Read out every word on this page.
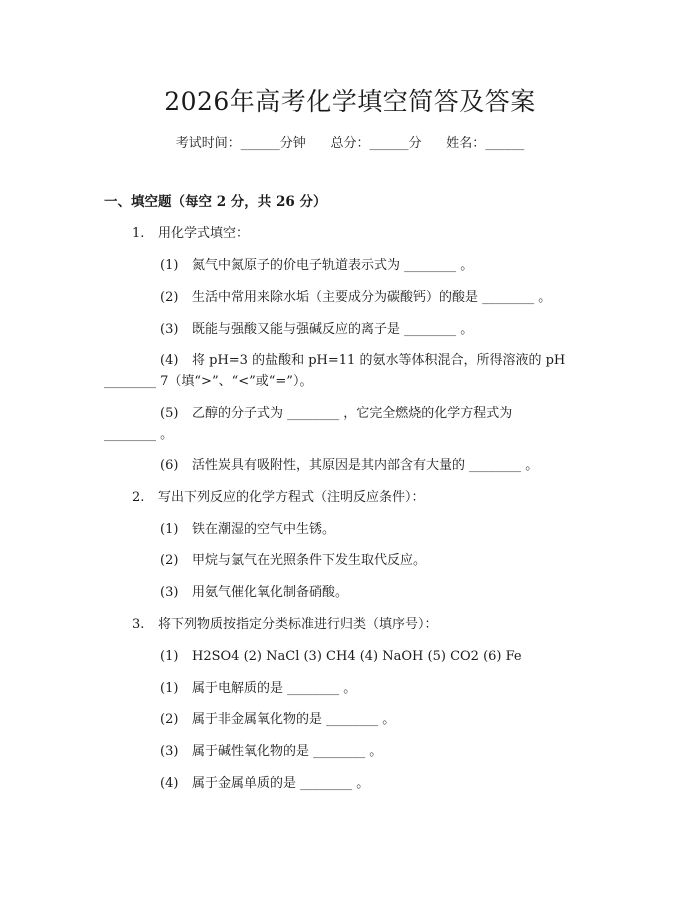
2026年高考化学填空简答及答案
考试时间：______分钟      总分：______分      姓名：______
一、填空题（每空 2 分，共 26 分）
1. 用化学式填空：
(1) 氮气中氮原子的价电子轨道表示式为 ________ 。
(2) 生活中常用来除水垢（主要成分为碳酸钙）的酸是 ________ 。
(3) 既能与强酸又能与强碱反应的离子是 ________ 。
(4) 将 pH=3 的盐酸和 pH=11 的氨水等体积混合，所得溶液的 pH
________ 7（填“>”、“<”或“=”）。
(5) 乙醇的分子式为 ________ ，它完全燃烧的化学方程式为
________ 。
(6) 活性炭具有吸附性，其原因是其内部含有大量的 ________ 。
2. 写出下列反应的化学方程式（注明反应条件）：
(1) 铁在潮湿的空气中生锈。
(2) 甲烷与氯气在光照条件下发生取代反应。
(3) 用氨气催化氧化制备硝酸。
3. 将下列物质按指定分类标准进行归类（填序号）：
(1) H2SO4 (2) NaCl (3) CH4 (4) NaOH (5) CO2 (6) Fe
(1) 属于电解质的是 ________ 。
(2) 属于非金属氧化物的是 ________ 。
(3) 属于碱性氧化物的是 ________ 。
(4) 属于金属单质的是 ________ 。
